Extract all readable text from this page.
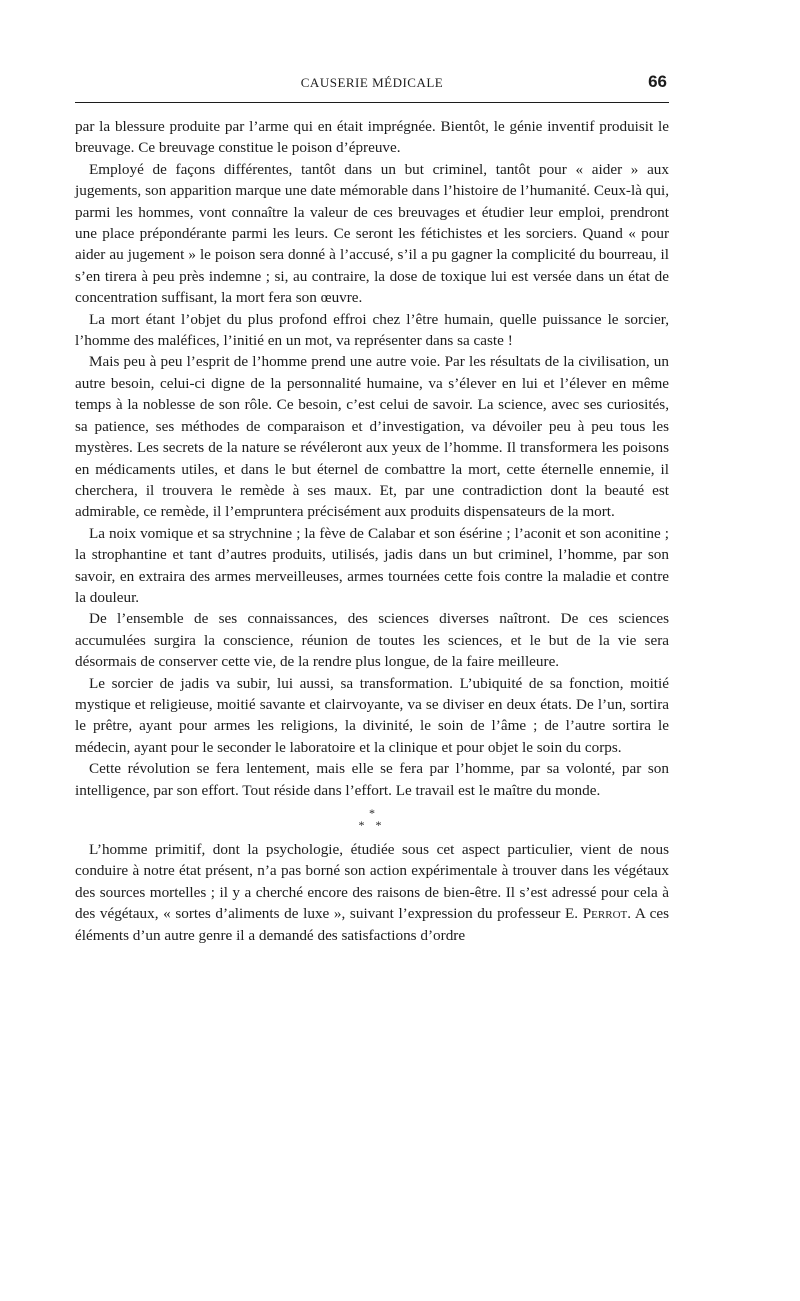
CAUSERIE MÉDICALE	66

par la blessure produite par l’arme qui en était imprégnée. Bientôt, le génie inventif produisit le breuvage. Ce breuvage constitue le poison d’épreuve.

Employé de façons différentes, tantôt dans un but criminel, tantôt pour « aider » aux jugements, son apparition marque une date mémorable dans l’histoire de l’humanité. Ceux-là qui, parmi les hommes, vont connaître la valeur de ces breuvages et étudier leur emploi, prendront une place prépondérante parmi les leurs. Ce seront les fétichistes et les sorciers. Quand « pour aider au jugement » le poison sera donné à l’accusé, s’il a pu gagner la complicité du bourreau, il s’en tirera à peu près indemne ; si, au contraire, la dose de toxique lui est versée dans un état de concentration suffisant, la mort fera son œuvre.

La mort étant l’objet du plus profond effroi chez l’être humain, quelle puissance le sorcier, l’homme des maléfices, l’initié en un mot, va représenter dans sa caste !

Mais peu à peu l’esprit de l’homme prend une autre voie. Par les résultats de la civilisation, un autre besoin, celui-ci digne de la personnalité humaine, va s’élever en lui et l’élever en même temps à la noblesse de son rôle. Ce besoin, c’est celui de savoir. La science, avec ses curiosités, sa patience, ses méthodes de comparaison et d’investigation, va dévoiler peu à peu tous les mystères. Les secrets de la nature se révéleront aux yeux de l’homme. Il transformera les poisons en médicaments utiles, et dans le but éternel de combattre la mort, cette éternelle ennemie, il cherchera, il trouvera le remède à ses maux. Et, par une contradiction dont la beauté est admirable, ce remède, il l’empruntera précisément aux produits dispensateurs de la mort.

La noix vomique et sa strychnine ; la fève de Calabar et son ésérine ; l’aconit et son aconitine ; la strophantine et tant d’autres produits, utilisés, jadis dans un but criminel, l’homme, par son savoir, en extraira des armes merveilleuses, armes tournées cette fois contre la maladie et contre la douleur.

De l’ensemble de ses connaissances, des sciences diverses naîtront. De ces sciences accumulées surgira la conscience, réunion de toutes les sciences, et le but de la vie sera désormais de conserver cette vie, de la rendre plus longue, de la faire meilleure.

Le sorcier de jadis va subir, lui aussi, sa transformation. L’ubiquité de sa fonction, moitié mystique et religieuse, moitié savante et clairvoyante, va se diviser en deux états. De l’un, sortira le prêtre, ayant pour armes les religions, la divinité, le soin de l’âme ; de l’autre sortira le médecin, ayant pour le seconder le laboratoire et la clinique et pour objet le soin du corps.

Cette révolution se fera lentement, mais elle se fera par l’homme, par sa volonté, par son intelligence, par son effort. Tout réside dans l’effort. Le travail est le maître du monde.

*
* *

L’homme primitif, dont la psychologie, étudiée sous cet aspect particulier, vient de nous conduire à notre état présent, n’a pas borné son action expérimentale à trouver dans les végétaux des sources mortelles ; il y a cherché encore des raisons de bien-être. Il s’est adressé pour cela à des végétaux, « sortes d’aliments de luxe », suivant l’expression du professeur E. Perrot. A ces éléments d’un autre genre il a demandé des satisfactions d’ordre
